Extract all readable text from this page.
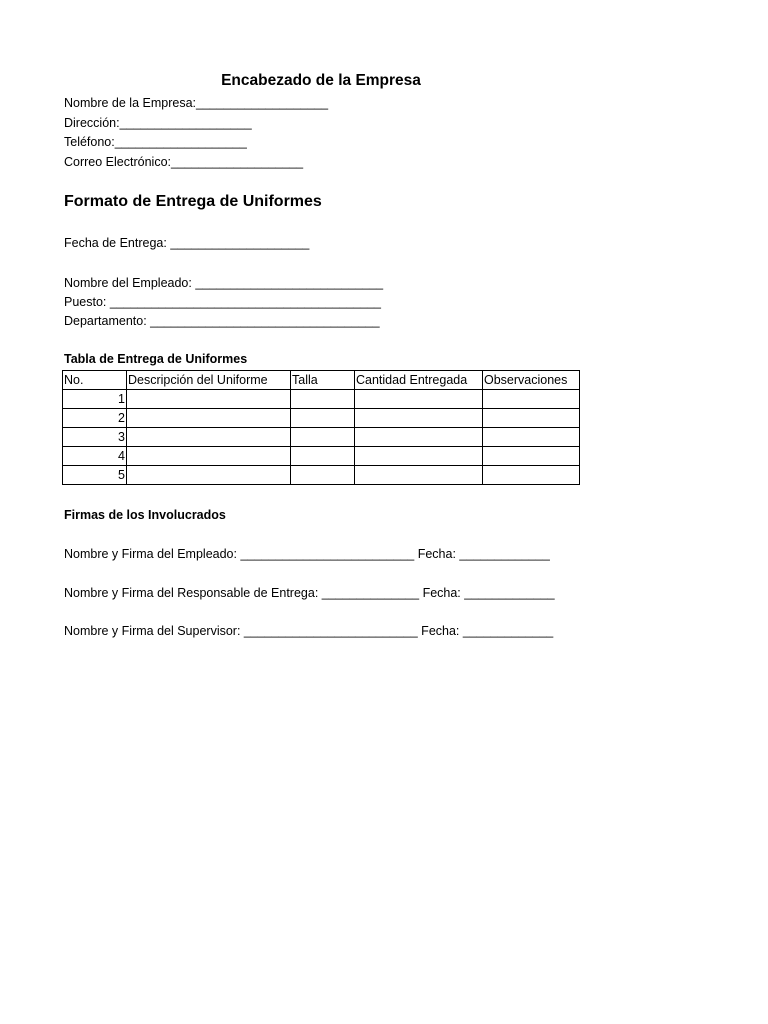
Encabezado de la Empresa
Nombre de la Empresa:___________________
Dirección:___________________
Teléfono:___________________
Correo Electrónico:___________________
Formato de Entrega de Uniformes
Fecha de Entrega: ____________________
Nombre del Empleado: ___________________________
Puesto: _______________________________________
Departamento: _________________________________
Tabla de Entrega de Uniformes
No.	Descripción del Uniforme	Talla	Cantidad Entregada	Observaciones
1				
2				
3				
4				
5				
Firmas de los Involucrados
Nombre y Firma del Empleado: _________________________ Fecha: _____________
Nombre y Firma del Responsable de Entrega: ______________ Fecha: _____________
Nombre y Firma del Supervisor: _________________________ Fecha: _____________
